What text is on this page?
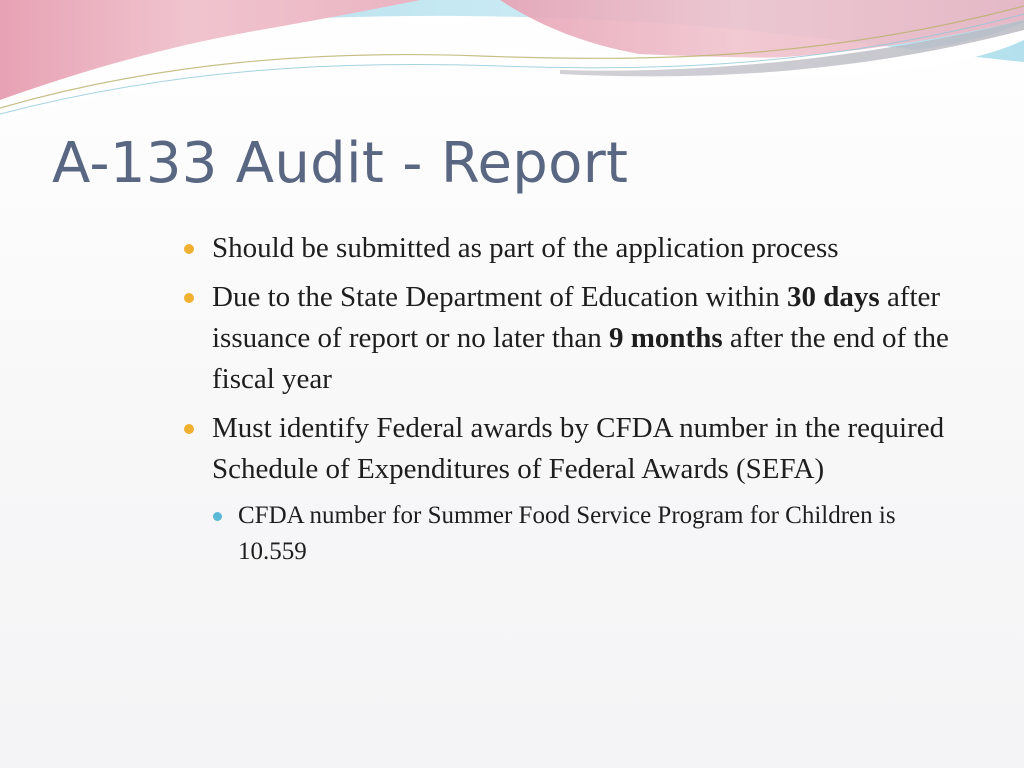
A-133 Audit - Report
Should be submitted as part of the application process
Due to the State Department of Education within 30 days after issuance of report or no later than 9 months after the end of the fiscal year
Must identify Federal awards by CFDA number in the required Schedule of Expenditures of Federal Awards (SEFA)
CFDA number for Summer Food Service Program for Children is 10.559
